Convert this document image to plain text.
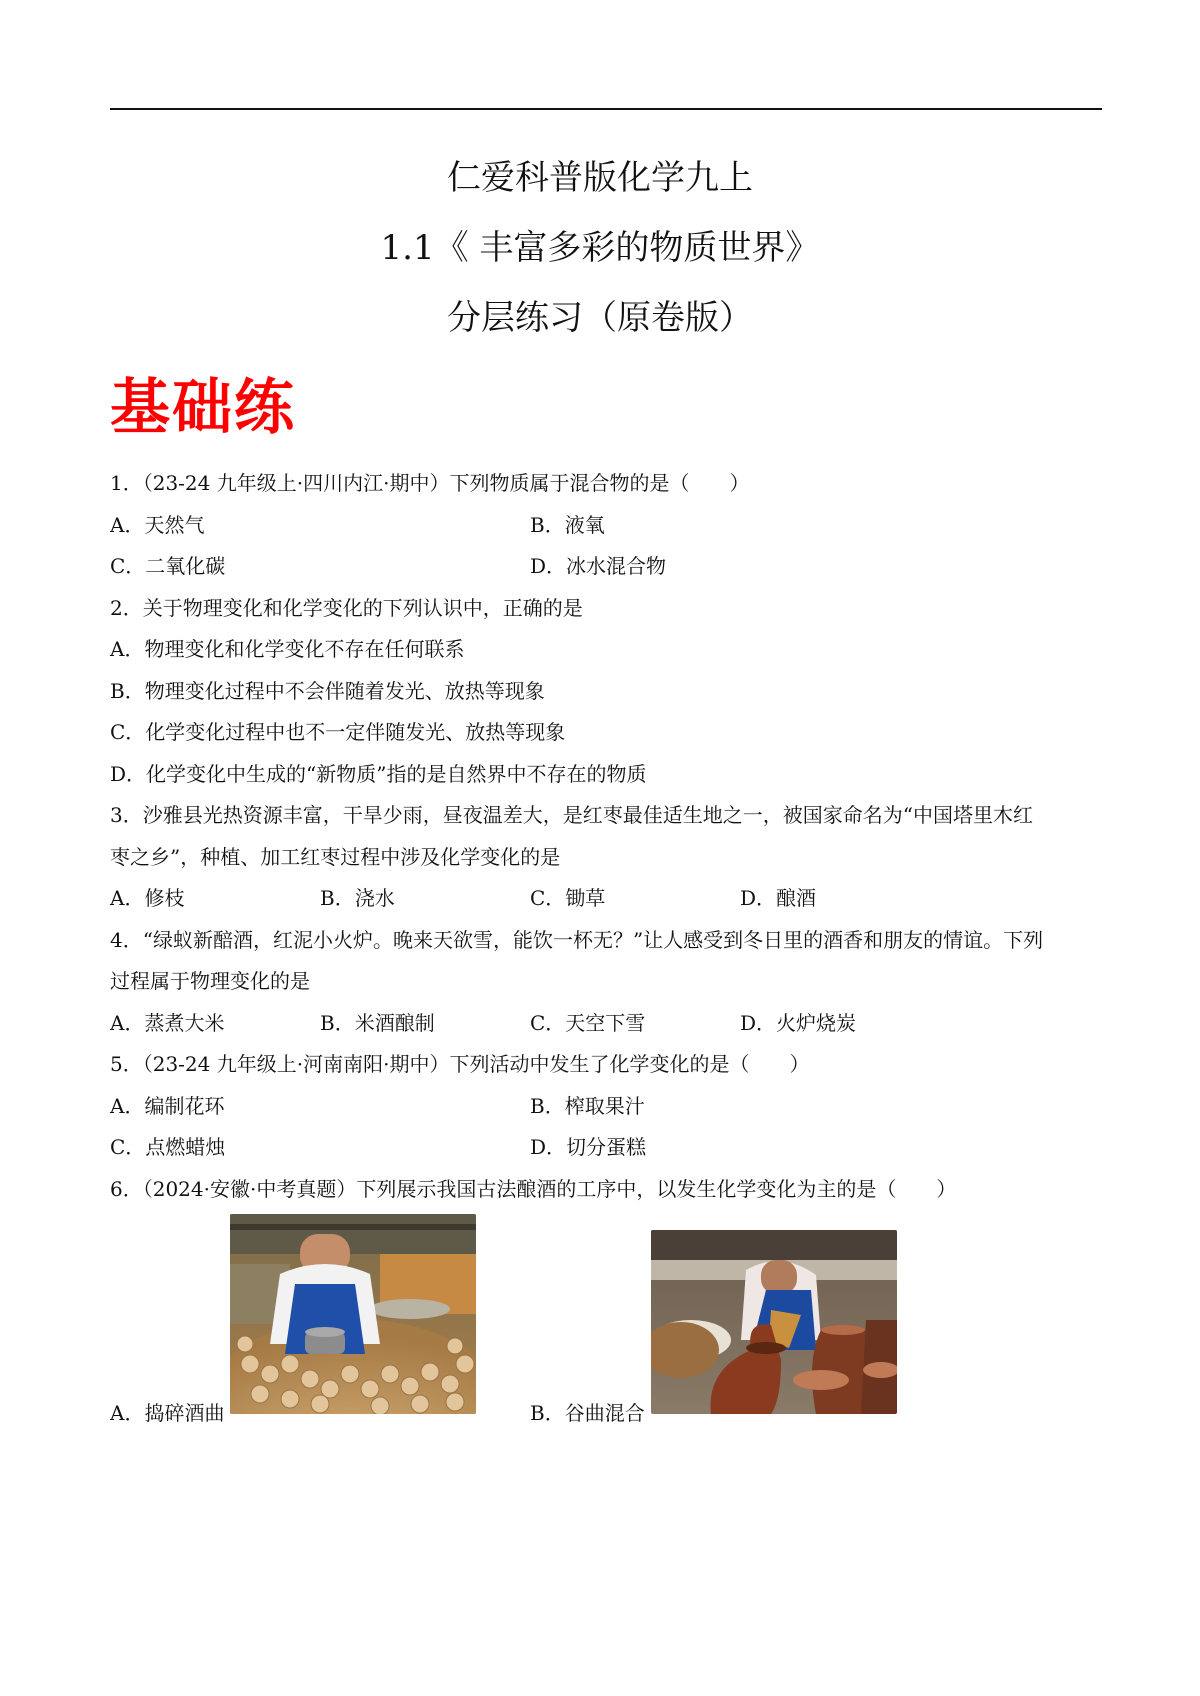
仁爱科普版化学九上
1.1《 丰富多彩的物质世界》
分层练习（原卷版）
基础练
1．（23-24 九年级上·四川内江·期中）下列物质属于混合物的是（　　）
A．天然气	B．液氧
C．二氧化碳	D．冰水混合物
2．关于物理变化和化学变化的下列认识中，正确的是
A．物理变化和化学变化不存在任何联系
B．物理变化过程中不会伴随着发光、放热等现象
C．化学变化过程中也不一定伴随发光、放热等现象
D．化学变化中生成的“新物质”指的是自然界中不存在的物质
3．沙雅县光热资源丰富，干旱少雨，昼夜温差大，是红枣最佳适生地之一，被国家命名为“中国塔里木红
枣之乡”，种植、加工红枣过程中涉及化学变化的是
A．修枝	B．浇水	C．锄草	D．酿酒
4．“绿蚁新醅酒，红泥小火炉。晚来天欲雪，能饮一杯无？”让人感受到冬日里的酒香和朋友的情谊。下列
过程属于物理变化的是
A．蒸煮大米	B．米酒酿制	C．天空下雪	D．火炉烧炭
5．（23-24 九年级上·河南南阳·期中）下列活动中发生了化学变化的是（　　）
A．编制花环	B．榨取果汁
C．点燃蜡烛	D．切分蛋糕
6．（2024·安徽·中考真题）下列展示我国古法酿酒的工序中，以发生化学变化为主的是（　　）
A．捣碎酒曲	B．谷曲混合
